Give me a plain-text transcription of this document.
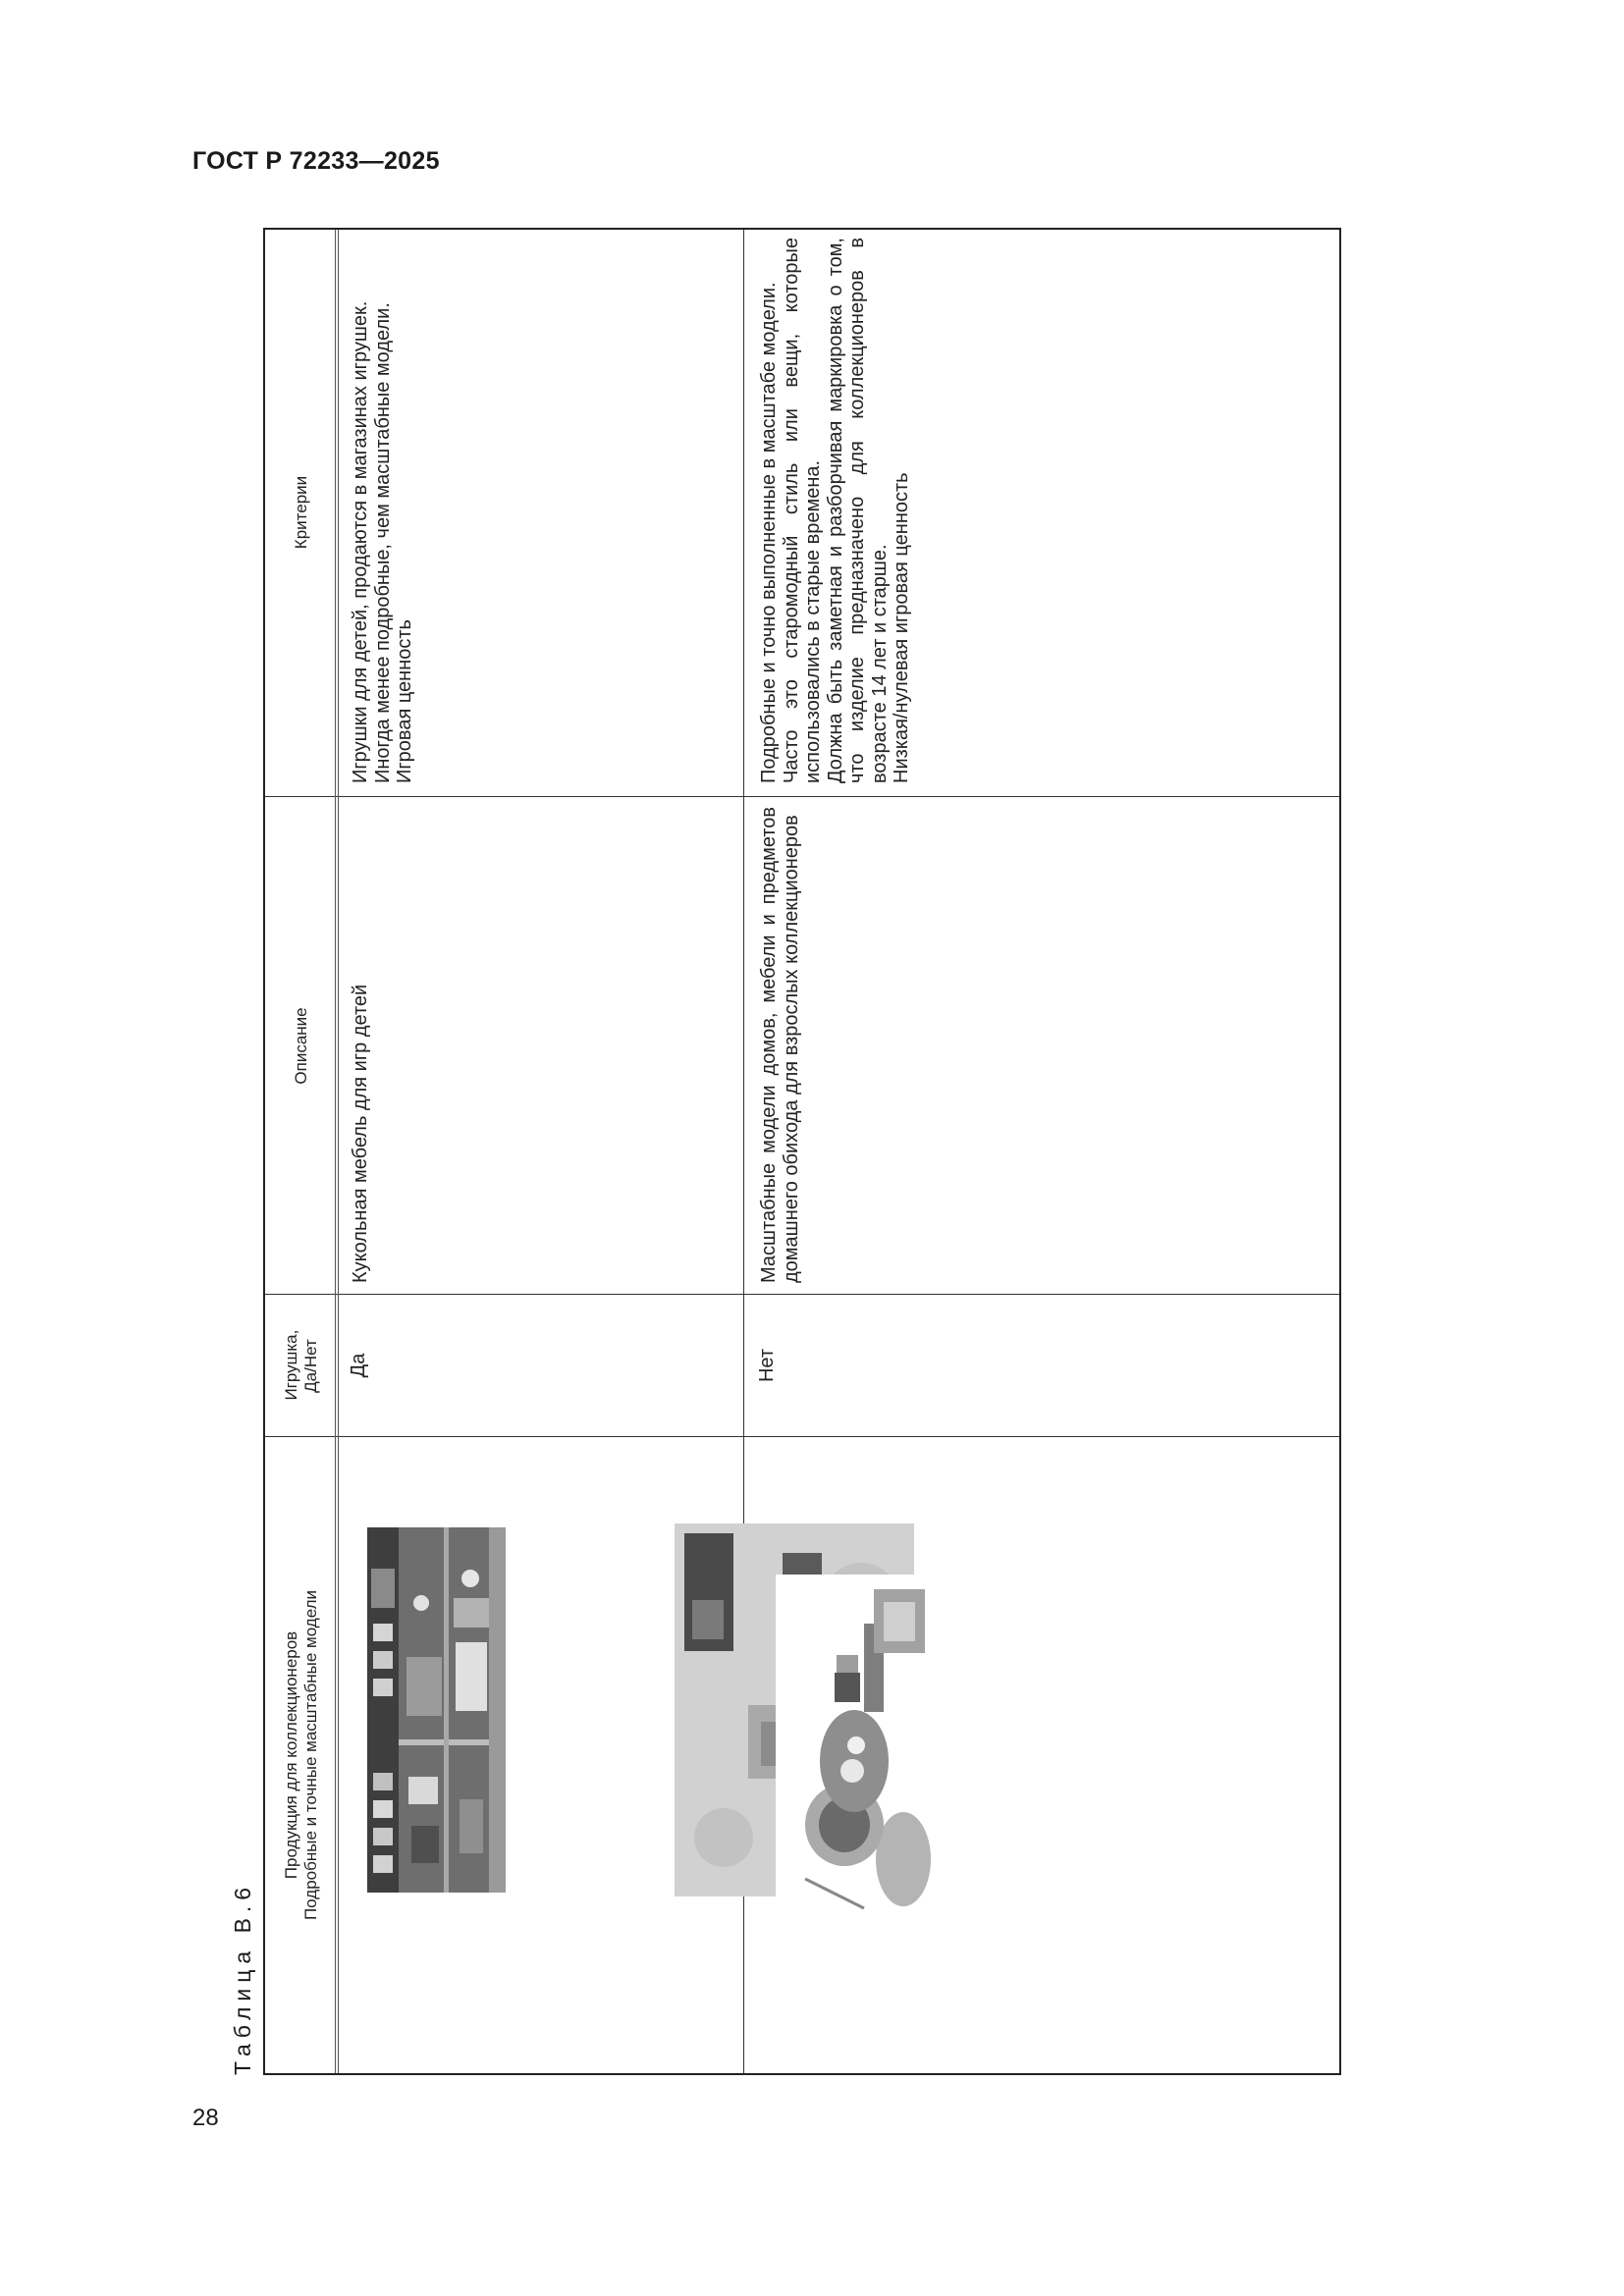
ГОСТ Р 72233—2025
28
Таблица В.6
Продукция для коллекционеров Подробные и точные масштабные модели
Игрушка, Да/Нет
Описание
Критерии
Да
Кукольная мебель для игр детей

Игрушки для детей, продаются в магазинах игрушек. Иногда менее подробные, чем масштабные модели. Игровая ценность

Нет
Масштабные модели домов, мебели и предметов домашнего обихода для взрослых коллекционеров

Подробные и точно выполненные в масштабе модели. Часто это старомодный стиль или вещи, которые использовались в старые времена. Должна быть заметная и разборчивая маркировка о том, что изделие предназначено для коллекционеров в возрасте 14 лет и старше. Низкая/нулевая игровая ценность
